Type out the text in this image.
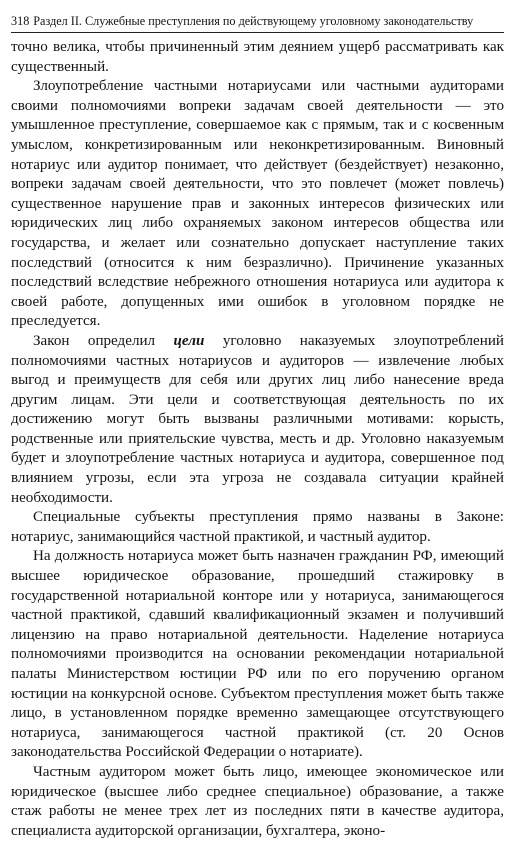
318 Раздел II. Служебные преступления по действующему уголовному законодательству

точно велика, чтобы причиненный этим деянием ущерб рассматривать как существенный.

Злоупотребление частными нотариусами или частными аудиторами своими полномочиями вопреки задачам своей деятельности — это умышленное преступление, совершаемое как с прямым, так и с косвенным умыслом, конкретизированным или неконкретизированным. Виновный нотариус или аудитор понимает, что действует (бездействует) незаконно, вопреки задачам своей деятельности, что это повлечет (может повлечь) существенное нарушение прав и законных интересов физических или юридических лиц либо охраняемых законом интересов общества или государства, и желает или сознательно допускает наступление таких последствий (относится к ним безразлично). Причинение указанных последствий вследствие небрежного отношения нотариуса или аудитора к своей работе, допущенных ими ошибок в уголовном порядке не преследуется.

Закон определил цели уголовно наказуемых злоупотреблений полномочиями частных нотариусов и аудиторов — извлечение любых выгод и преимуществ для себя или других лиц либо нанесение вреда другим лицам. Эти цели и соответствующая деятельность по их достижению могут быть вызваны различными мотивами: корысть, родственные или приятельские чувства, месть и др. Уголовно наказуемым будет и злоупотребление частных нотариуса и аудитора, совершенное под влиянием угрозы, если эта угроза не создавала ситуации крайней необходимости.

Специальные субъекты преступления прямо названы в Законе: нотариус, занимающийся частной практикой, и частный аудитор.

На должность нотариуса может быть назначен гражданин РФ, имеющий высшее юридическое образование, прошедший стажировку в государственной нотариальной конторе или у нотариуса, занимающегося частной практикой, сдавший квалификационный экзамен и получивший лицензию на право нотариальной деятельности. Наделение нотариуса полномочиями производится на основании рекомендации нотариальной палаты Министерством юстиции РФ или по его поручению органом юстиции на конкурсной основе. Субъектом преступления может быть также лицо, в установленном порядке временно замещающее отсутствующего нотариуса, занимающегося частной практикой (ст. 20 Основ законодательства Российской Федерации о нотариате).

Частным аудитором может быть лицо, имеющее экономическое или юридическое (высшее либо среднее специальное) образование, а также стаж работы не менее трех лет из последних пяти в качестве аудитора, специалиста аудиторской организации, бухгалтера, эконо-
